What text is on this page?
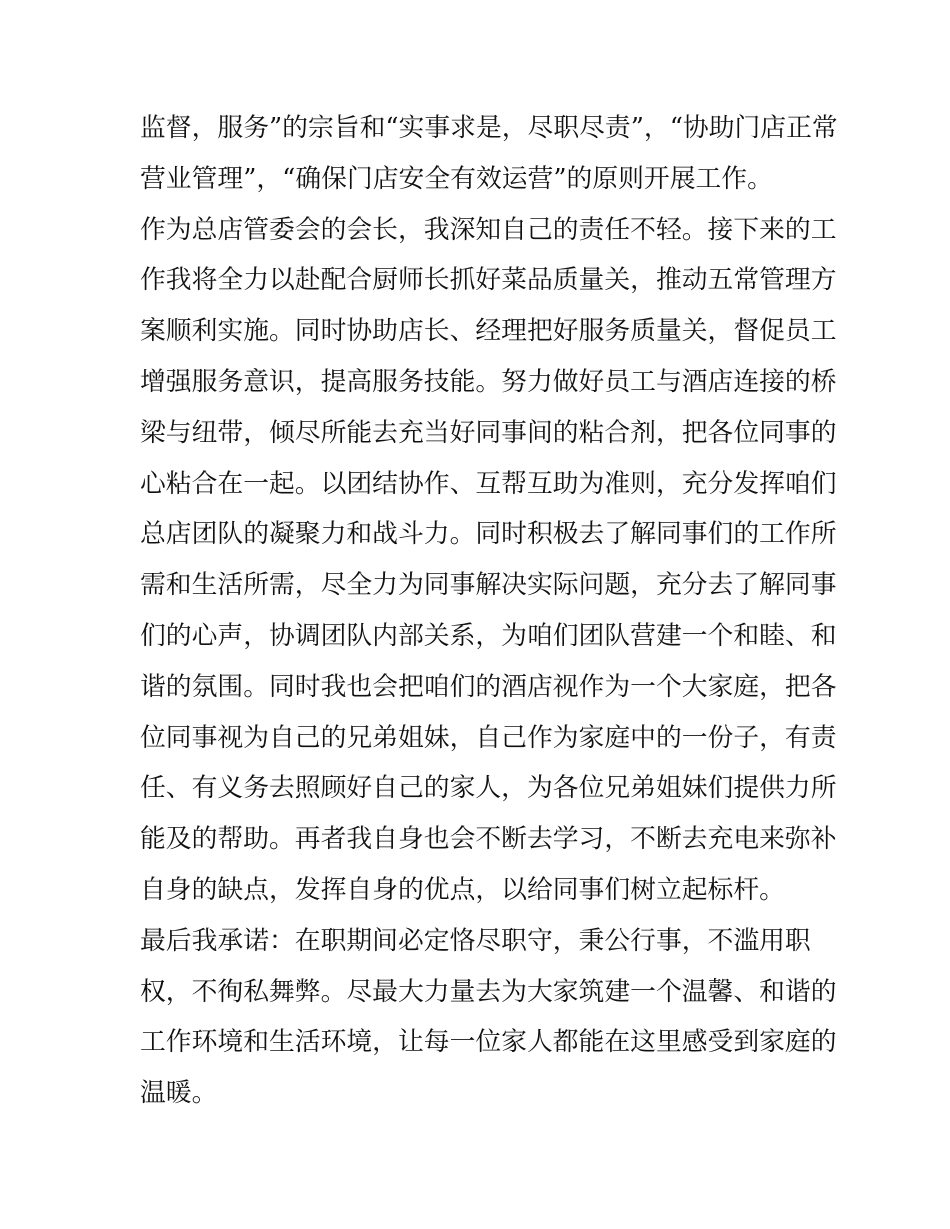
监督，服务”的宗旨和“实事求是，尽职尽责”，“协助门店正常
营业管理”，“确保门店安全有效运营”的原则开展工作。
作为总店管委会的会长，我深知自己的责任不轻。接下来的工
作我将全力以赴配合厨师长抓好菜品质量关，推动五常管理方
案顺利实施。同时协助店长、经理把好服务质量关，督促员工
增强服务意识，提高服务技能。努力做好员工与酒店连接的桥
梁与纽带，倾尽所能去充当好同事间的粘合剂，把各位同事的
心粘合在一起。以团结协作、互帮互助为准则，充分发挥咱们
总店团队的凝聚力和战斗力。同时积极去了解同事们的工作所
需和生活所需，尽全力为同事解决实际问题，充分去了解同事
们的心声，协调团队内部关系，为咱们团队营建一个和睦、和
谐的氛围。同时我也会把咱们的酒店视作为一个大家庭，把各
位同事视为自己的兄弟姐妹，自己作为家庭中的一份子，有责
任、有义务去照顾好自己的家人，为各位兄弟姐妹们提供力所
能及的帮助。再者我自身也会不断去学习，不断去充电来弥补
自身的缺点，发挥自身的优点，以给同事们树立起标杆。
最后我承诺：在职期间必定恪尽职守，秉公行事，不滥用职
权，不徇私舞弊。尽最大力量去为大家筑建一个温馨、和谐的
工作环境和生活环境，让每一位家人都能在这里感受到家庭的
温暖。
